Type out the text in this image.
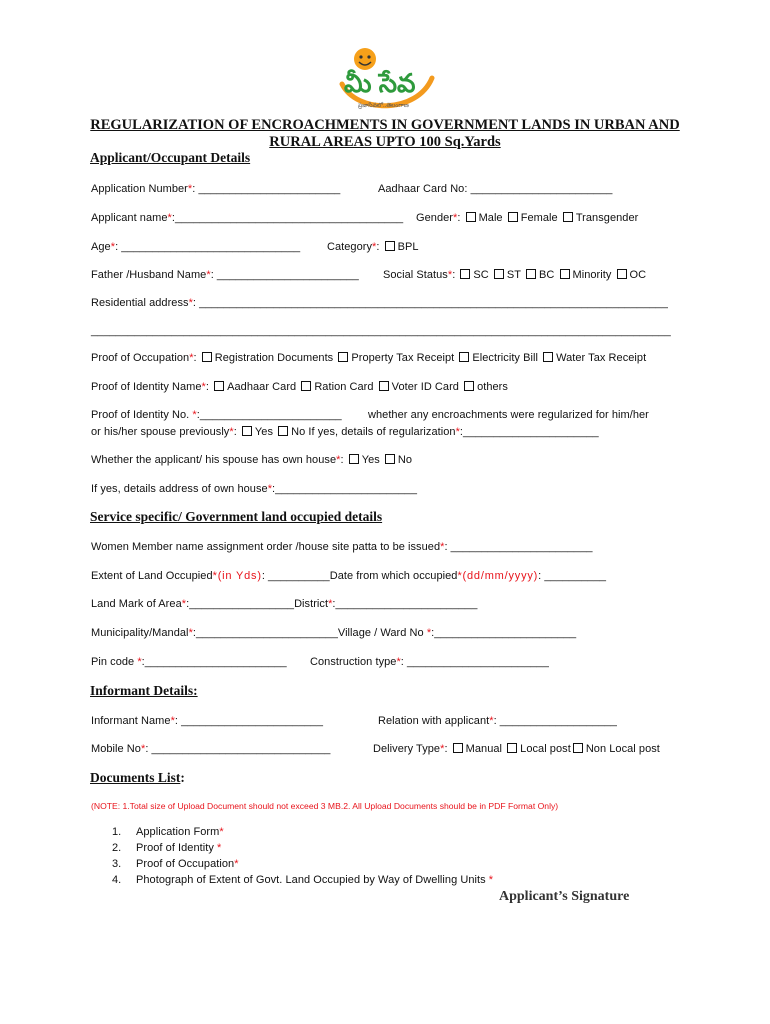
మీ సేవ
ప్రజాసేవలో..తెలంగాణ
REGULARIZATION OF ENCROACHMENTS IN GOVERNMENT LANDS IN URBAN AND
RURAL AREAS UPTO 100 Sq.Yards
Applicant/Occupant Details
Application Number*: _______________________	Aadhaar Card No: _______________________
Applicant name*:_____________________________________ Gender*: Male Female Transgender
Age*: _____________________________ Category*: BPL
Father /Husband Name*: _______________________ Social Status*: SC ST BC Minority OC
Residential address*: ____________________________________________________________________________
______________________________________________________________________________________________
Proof of Occupation*: Registration Documents Property Tax Receipt Electricity Bill Water Tax Receipt
Proof of Identity Name*: Aadhaar Card Ration Card Voter ID Card others
Proof of Identity No. *:_______________________ whether any encroachments were regularized for him/her
or his/her spouse previously*: Yes No If yes, details of regularization*:______________________
Whether the applicant/ his spouse has own house*: Yes No
If yes, details address of own house*:_______________________
Service specific/ Government land occupied details
Women Member name assignment order /house site patta to be issued*: _______________________
Extent of Land Occupied*(in Yds): __________Date from which occupied*(dd/mm/yyyy): __________
Land Mark of Area*:_________________District*:_______________________
Municipality/Mandal*:_______________________Village / Ward No *:_______________________
Pin code *:_______________________ Construction type*: _______________________
Informant Details:
Informant Name*: _______________________	Relation with applicant*: ___________________
Mobile No*: _____________________________	Delivery Type*: Manual Local post Non Local post
Documents List:
(NOTE: 1.Total size of Upload Document should not exceed 3 MB.2. All Upload Documents should be in PDF Format Only)
1. Application Form*
2. Proof of Identity *
3. Proof of Occupation*
4. Photograph of Extent of Govt. Land Occupied by Way of Dwelling Units *
Applicant’s Signature
